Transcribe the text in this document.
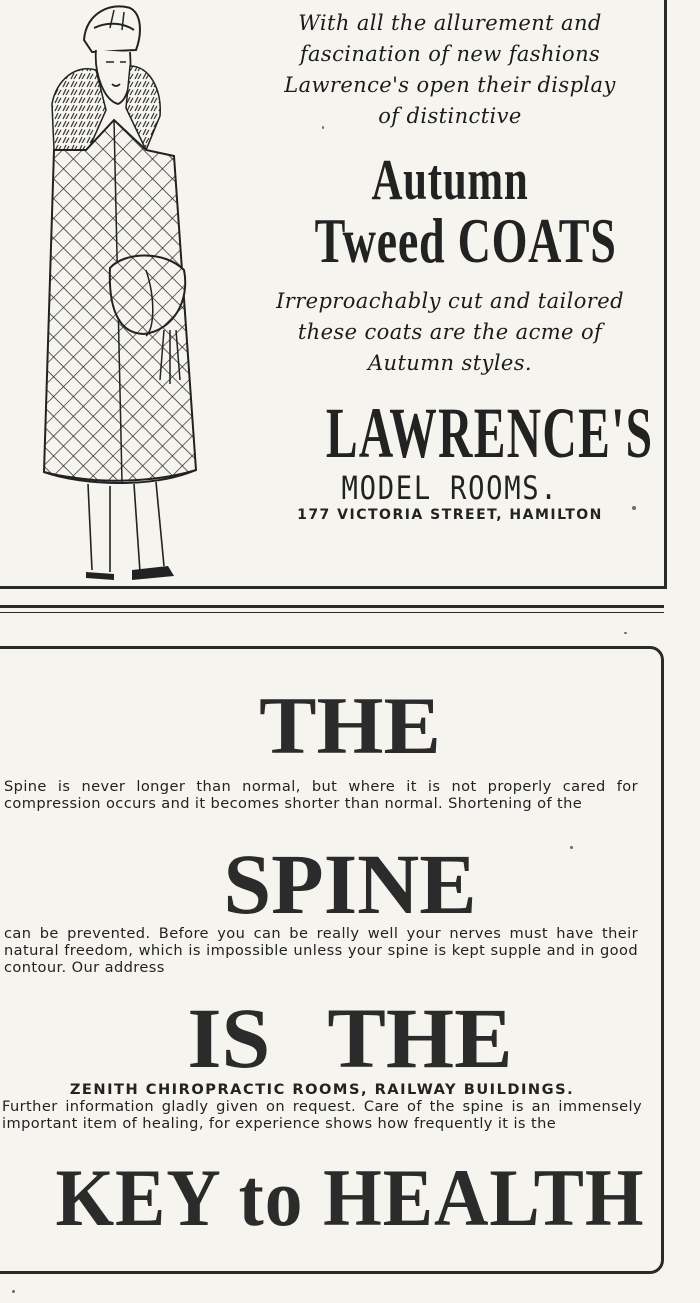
With all the allurement and
fascination of new fashions
Lawrence's open their display
of distinctive
Autumn
Tweed COATS
Irreproachably cut and tailored
these coats are the acme of
Autumn styles.
LAWRENCE'S
MODEL ROOMS.
177 VICTORIA STREET, HAMILTON
THE
Spine is never longer than normal, but where it is not properly cared for compression occurs and it becomes shorter than normal. Shortening of the
SPINE
can be prevented. Before you can be really well your nerves must have their natural freedom, which is impossible unless your spine is kept supple and in good contour. Our address
IS THE
ZENITH CHIROPRACTIC ROOMS, RAILWAY BUILDINGS.
Further information gladly given on request. Care of the spine is an immensely important item of healing, for experience shows how frequently it is the
KEY to HEALTH
